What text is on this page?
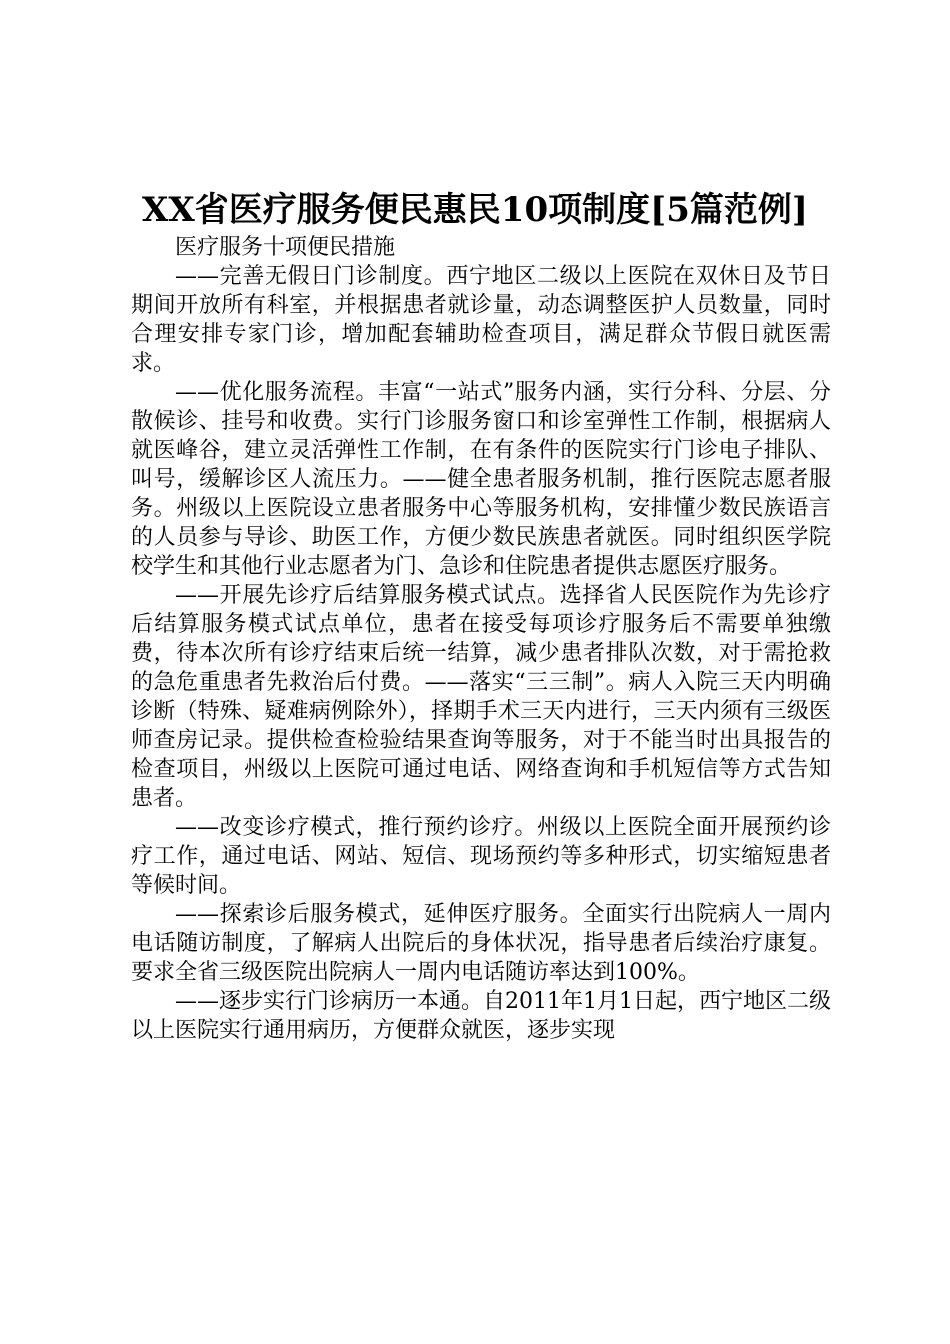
XX省医疗服务便民惠民10项制度[5篇范例]

医疗服务十项便民措施

——完善无假日门诊制度。西宁地区二级以上医院在双休日及节日期间开放所有科室，并根据患者就诊量，动态调整医护人员数量，同时合理安排专家门诊，增加配套辅助检查项目，满足群众节假日就医需求。

——优化服务流程。丰富“一站式”服务内涵，实行分科、分层、分散候诊、挂号和收费。实行门诊服务窗口和诊室弹性工作制，根据病人就医峰谷，建立灵活弹性工作制，在有条件的医院实行门诊电子排队、叫号，缓解诊区人流压力。——健全患者服务机制，推行医院志愿者服务。州级以上医院设立患者服务中心等服务机构，安排懂少数民族语言的人员参与导诊、助医工作，方便少数民族患者就医。同时组织医学院校学生和其他行业志愿者为门、急诊和住院患者提供志愿医疗服务。

——开展先诊疗后结算服务模式试点。选择省人民医院作为先诊疗后结算服务模式试点单位，患者在接受每项诊疗服务后不需要单独缴费，待本次所有诊疗结束后统一结算，减少患者排队次数，对于需抢救的急危重患者先救治后付费。——落实“三三制”。病人入院三天内明确诊断（特殊、疑难病例除外），择期手术三天内进行，三天内须有三级医师查房记录。提供检查检验结果查询等服务，对于不能当时出具报告的检查项目，州级以上医院可通过电话、网络查询和手机短信等方式告知患者。

——改变诊疗模式，推行预约诊疗。州级以上医院全面开展预约诊疗工作，通过电话、网站、短信、现场预约等多种形式，切实缩短患者等候时间。

——探索诊后服务模式，延伸医疗服务。全面实行出院病人一周内电话随访制度，了解病人出院后的身体状况，指导患者后续治疗康复。要求全省三级医院出院病人一周内电话随访率达到100%。

——逐步实行门诊病历一本通。自2011年1月1日起，西宁地区二级以上医院实行通用病历，方便群众就医，逐步实现
